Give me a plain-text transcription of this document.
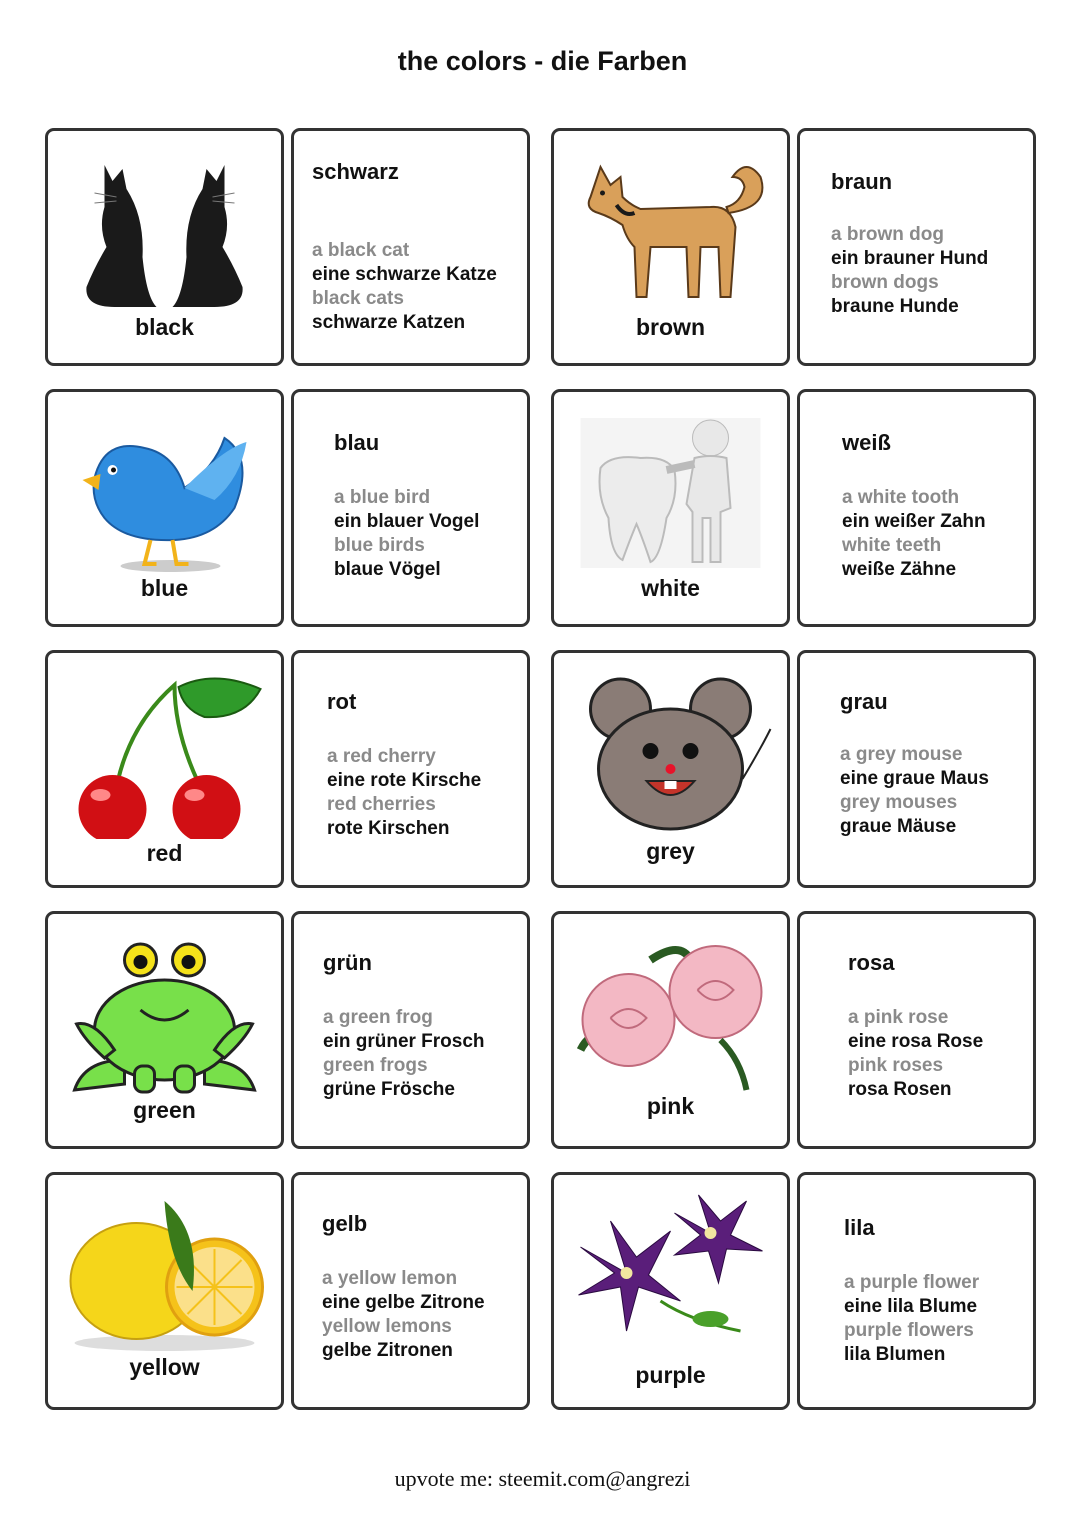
the colors - die Farben
black
schwarz
a black cat
eine schwarze Katze
black cats
schwarze Katzen	brown
braun
a brown dog
ein brauner Hund
brown dogs
braune Hunde
blue
blau
a blue bird
ein blauer Vogel
blue birds
blaue Vögel
white
weiß
a white tooth
ein weißer Zahn
white teeth
weiße Zähne
red
rot
a red cherry
eine rote Kirsche
red cherries
rote Kirschen
grey
grau
a grey mouse
eine graue Maus
grey mouses
graue Mäuse
green
grün
a green frog
ein grüner Frosch
green frogs
grüne Frösche
pink
rosa
a pink rose
eine rosa Rose
pink roses
rosa Rosen
yellow
gelb
a yellow lemon
eine gelbe Zitrone
yellow lemons
gelbe Zitronen
purple
lila
a purple flower
eine lila Blume
purple flowers
lila Blumen
upvote me: steemit.com@angrezi
